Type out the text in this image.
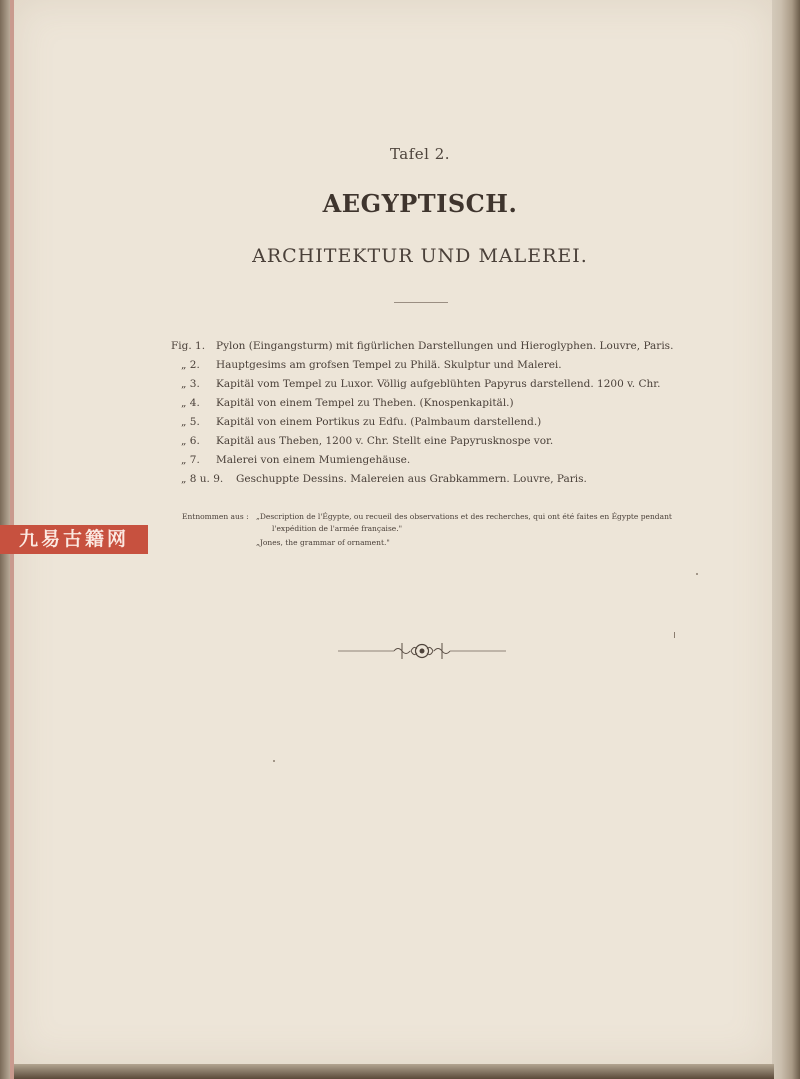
Tafel 2.
AEGYPTISCH.
ARCHITEKTUR UND MALEREI.
Fig. 1.	Pylon (Eingangsturm) mit figürlichen Darstellungen und Hieroglyphen. Louvre, Paris.
„ 2.	Hauptgesims am grofsen Tempel zu Philä. Skulptur und Malerei.
„ 3.	Kapitäl vom Tempel zu Luxor. Völlig aufgeblühten Papyrus darstellend. 1200 v. Chr.
„ 4.	Kapitäl von einem Tempel zu Theben. (Knospenkapitäl.)
„ 5.	Kapitäl von einem Portikus zu Edfu. (Palmbaum darstellend.)
„ 6.	Kapitäl aus Theben, 1200 v. Chr. Stellt eine Papyrusknospe vor.
„ 7.	Malerei von einem Mumiengehäuse.
„ 8 u. 9. Geschuppte Dessins. Malereien aus Grabkammern. Louvre, Paris.
Entnommen aus : „Description de l'Égypte, ou recueil des observations et des recherches, qui ont été faites en Égypte pendant
l'expédition de l'armée française."
„Jones, the grammar of ornament."
九易古籍网
